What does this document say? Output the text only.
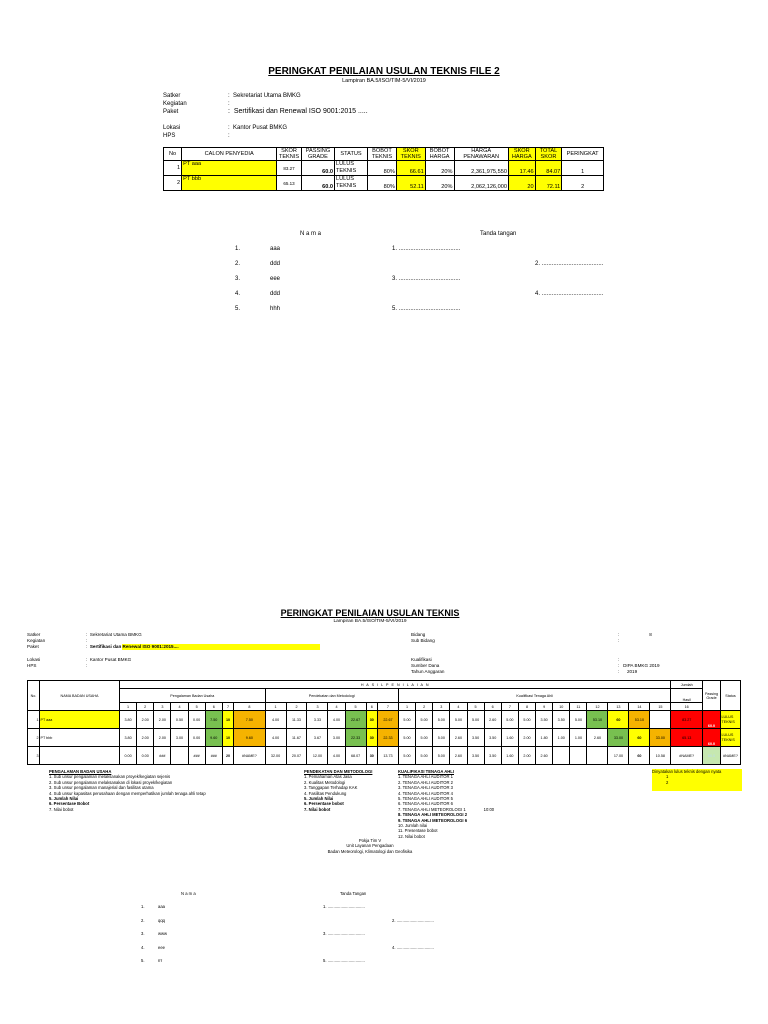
PERINGKAT PENILAIAN USULAN TEKNIS FILE 2
Lampiran BA.5/ISO/TIM-5/VI/2019
Satker
Kegiatan
Paket
Lokasi
HPS
:  Sekretariat Utama BMKG
:
:  Sertifikasi dan Renewal ISO 9001:2015 .....
:  Kantor Pusat BMKG
:
No	CALON PENYEDIA	SKOR TEKNIS	PASSING GRADE	STATUS	BOBOT TEKNIS	SKOR TEKNIS	BOBOT HARGA	HARGA PENAWARAN	SKOR HARGA	TOTAL SKOR	PERINGKAT
1	PT aaa	83.27	60.0	LULUS TEKNIS	80%	66.61	20%	2,361,975,550	17.46	84.07	1
2	PT bbb	65.13	60.0	LULUS TEKNIS	80%	52.11	20%	2,062,126,000	20	72.11	2
N a m a	Tanda tangan
1.	aaa	1. .....................................
2.	ddd	2. .....................................
3.	eee	3. .....................................
4.	ddd	4. .....................................
5.	hhh	5. .....................................
PERINGKAT PENILAIAN USULAN TEKNIS
Lampiran BA.5/ISO/TIM-5/VI/2019
Satker
Kegiatan
Paket
Lokasi
HPS
:  Sekretariat Utama BMKG
:
:  Sertifikasi dan Renewal ISO 9001:2015....
:  Kantor Pusat BMKG
:
Bidang
Sub Bidang
Kualifikasi
Sumber Dana
Tahun Anggaran
:	8
:
:
:   DIPA BMKG 2019
:      2019
No.	NAMA BADAN USAHA	H A S I L P E N I L A I A N																														Jumlah	Passing Grade	Status
		Pengalaman Badan Usaha								Pendekatan dan Metodologi							Kualifikasi Tenaga Ahli															Hasil		
		1	2	3	4	5	6	7	8	1	2	3	4	5	6	7	1	2	3	4	5	6	7	8	9	10	11	12	13	14	15	16		
1	PT aaa	3.80	2.00	2.00	0.50	0.00	7.50	10	7.50	4.00	11.33	3.33	4.00	22.67	30	22.67	5.00	5.00	5.00	5.00	5.00	2.60	5.00	5.00	3.50	3.50	5.00	53.10	60	53.10		83.27	60.0	LULUS TEKNIS
2	PT bbb	3.80	2.00	2.00	3.00	0.00	9.60	10	9.60	4.00	11.67	3.67	3.00	22.33	30	22.33	5.00	5.00	5.00	2.60	3.50	3.50	1.60	2.00	1.80	1.00	1.00	2.60	33.00	60	33.00	65.13	60.0	LULUS TEKNIS
3		0.00	0.00	###		###	###	20	#NAME?	32.00	20.07	12.00	4.00	68.07	30	13.73	5.00	5.00	5.00	2.60	3.50	3.50	1.60	2.00	2.60				17.00	60	10.58	#NAME?	60.0	#NAME?
PENGALAMAN BADAN USAHA
1. Sub unsur pengalaman melaksanakan proyek/kegiatan sejenis
2. Sub unsur pengalaman melaksanakan di lokasi proyek/kegiatan
3. Sub unsur pengalaman manajerial dan fasilitas utama
4. Sub unsur kapasitas perusahaan dengan memperhatikan jumlah tenaga ahli tetap
5. Jumlah Nilai
6. Persentase Bobot
7. Nilai bobot
PENDEKATAN DAN METODOLOGI
1. Pemahaman Atas Jasa
2. Kualitas Metodologi
3. Tanggapan Terhadap KAK
4. Fasilitas Pendukung
5. Jumlah Nilai
6. Persentase bobot
7. Nilai bobot
KUALIFIKASI TENAGA AHLI
1. TENAGA AHLI AUDITOR 1
2. TENAGA AHLI AUDITOR 2
3. TENAGA AHLI AUDITOR 3
4. TENAGA AHLI AUDITOR 4
5. TENAGA AHLI AUDITOR 5
6. TENAGA AHLI AUDITOR 6
7. TENAGA AHLI METEOROLOGI 1	10:00
8. TENAGA AHLI METEOROLOGI 2
9. TENAGA AHLI METEOROLOGI 6
10. Jumlah nilai
11. Presentase bobot
12. Nilai bobot
Dinyatakan lulus teknis dengan nyata
1
2
Pokja Tim V
Unit Layanan Pengadaan
Badan Meteorologi, Klimatologi dan Geofisika
N a m a	Tanda Tangan
1.	aaa	1. ................................
2.	qqq	2. ................................
3.	www	3. ................................
4.	eee	4. ................................
5.	rrr	5. ................................
